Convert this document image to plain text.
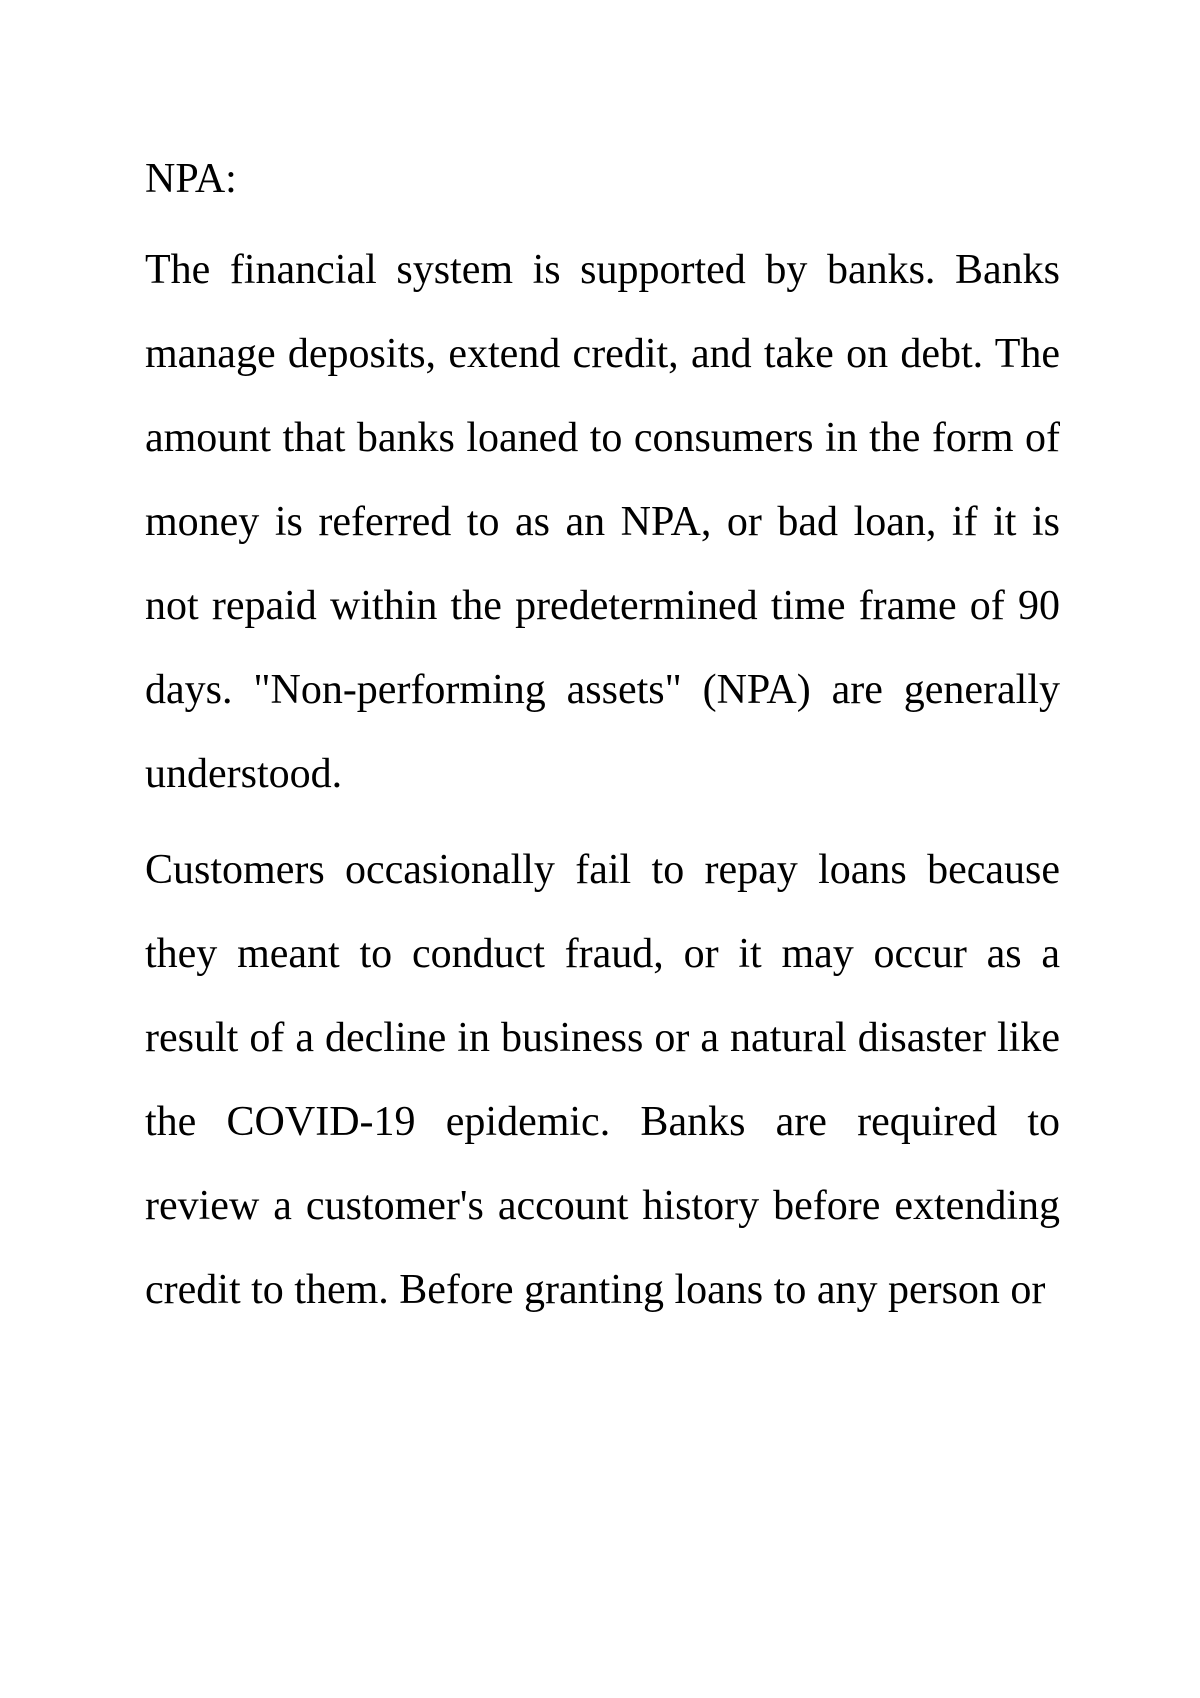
NPA:

The financial system is supported by banks. Banks manage deposits, extend credit, and take on debt. The amount that banks loaned to consumers in the form of money is referred to as an NPA, or bad loan, if it is not repaid within the predetermined time frame of 90 days. "Non-performing assets" (NPA) are generally understood.

Customers occasionally fail to repay loans because they meant to conduct fraud, or it may occur as a result of a decline in business or a natural disaster like the COVID-19 epidemic. Banks are required to review a customer's account history before extending credit to them. Before granting loans to any person or
